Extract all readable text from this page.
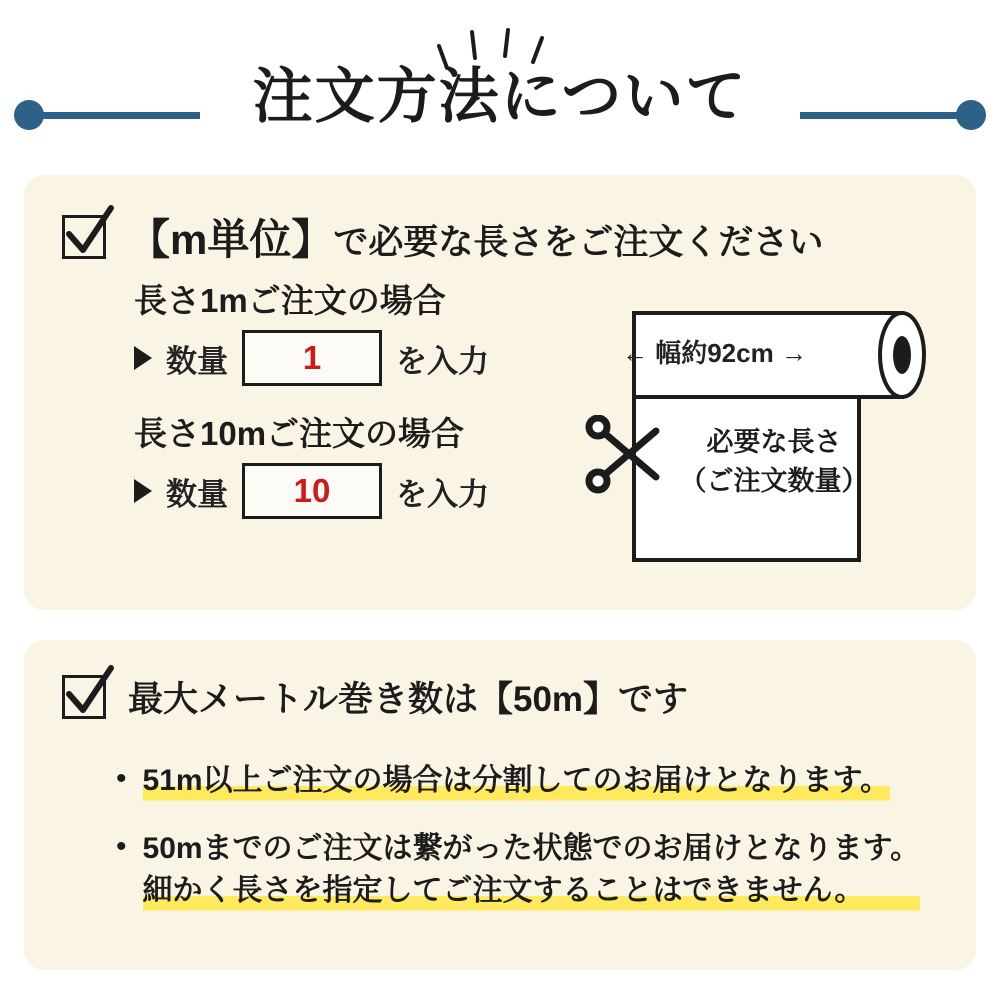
注文方法について
【m単位】で必要な長さをご注文ください
長さ1mご注文の場合
数量	1	を入力
長さ10mご注文の場合
数量	10	を入力
← 幅約92cm →
必要な長さ
（ご注文数量）
最大メートル巻き数は【50m】です
• 51m以上ご注文の場合は分割してのお届けとなります。
• 50mまでのご注文は繋がった状態でのお届けとなります。
細かく長さを指定してご注文することはできません。
